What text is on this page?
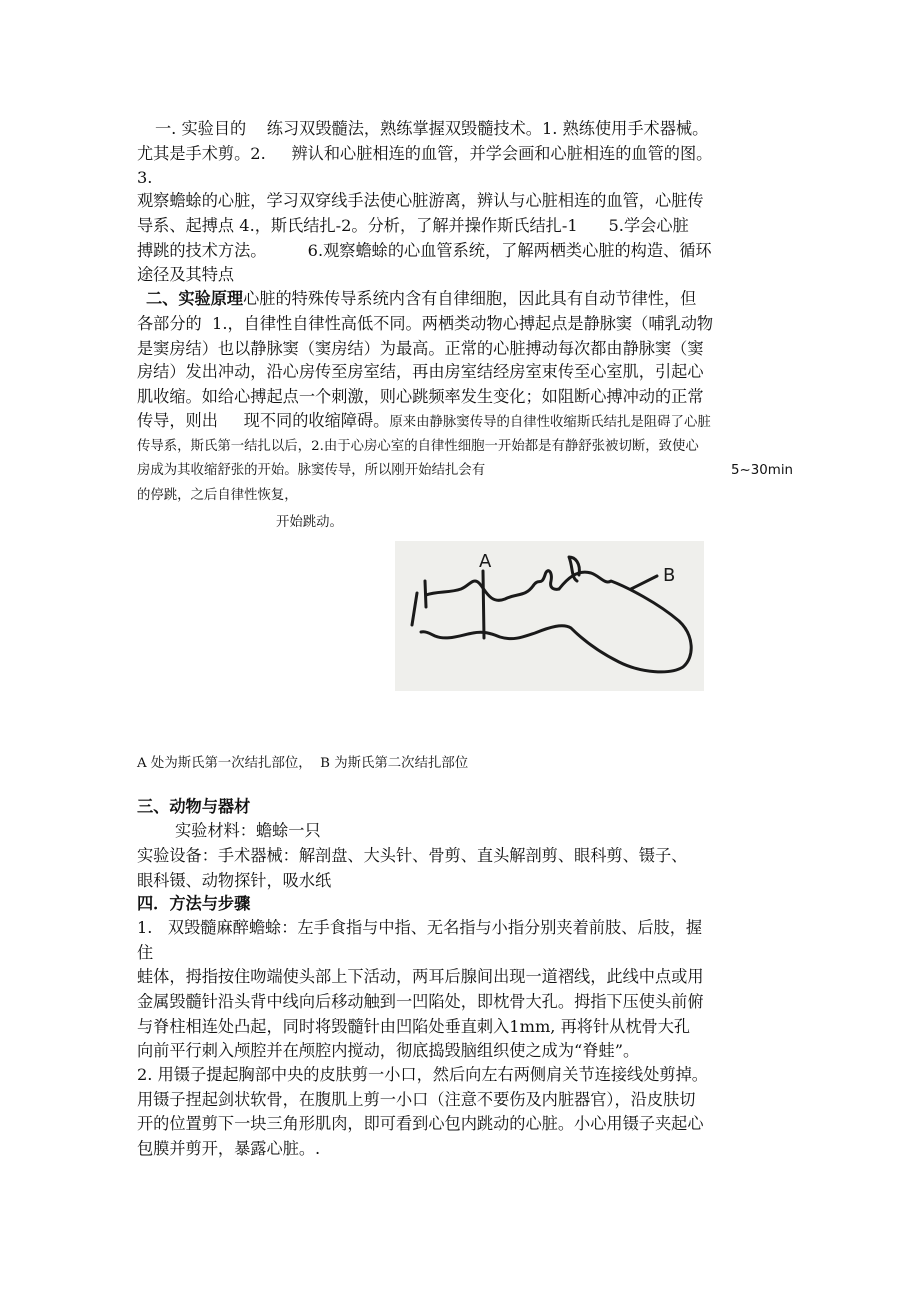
一. 实验目的    练习双毁髓法，熟练掌握双毁髓技术。1. 熟练使用手术器械。
尤其是手术剪。2.     辨认和心脏相连的血管，并学会画和心脏相连的血管的图。
3.
观察蟾蜍的心脏，学习双穿线手法使心脏游离，辨认与心脏相连的血管，心脏传
导系、起搏点 4.，斯氏结扎-2。分析，了解并操作斯氏结扎-1      5.学会心脏
搏跳的技术方法。        6.观察蟾蜍的心血管系统，了解两栖类心脏的构造、循环
途径及其特点
二、实验原理心脏的特殊传导系统内含有自律细胞，因此具有自动节律性，但
各部分的  1.，自律性自律性高低不同。两栖类动物心搏起点是静脉窦（哺乳动物
是窦房结）也以静脉窦（窦房结）为最高。正常的心脏搏动每次都由静脉窦（窦
房结）发出冲动，沿心房传至房室结，再由房室结经房室束传至心室肌，引起心
肌收缩。如给心搏起点一个刺激，则心跳频率发生变化；如阻断心搏冲动的正常
传导，则出     现不同的收缩障碍。原来由静脉窦传导的自律性收缩斯氏结扎是阻碍了心脏
传导系，斯氏第一结扎以后，2.由于心房心室的自律性细胞一开始都是有静舒张被切断，致使心
房成为其收缩舒张的开始。脉窦传导，所以刚开始结扎会有	5~30min
的停跳，之后自律性恢复，
开始跳动。
A
B
A 处为斯氏第一次结扎部位，  B 为斯氏第二次结扎部位
三、动物与器材
实验材料：蟾蜍一只
实验设备：手术器械：解剖盘、大头针、骨剪、直头解剖剪、眼科剪、镊子、
眼科镊、动物探针，吸水纸
四．方法与步骤
1.   双毁髓麻醉蟾蜍：左手食指与中指、无名指与小指分别夹着前肢、后肢，握
住
蛙体，拇指按住吻端使头部上下活动，两耳后腺间出现一道褶线，此线中点或用
金属毁髓针沿头背中线向后移动触到一凹陷处，即枕骨大孔。拇指下压使头前俯
与脊柱相连处凸起，同时将毁髓针由凹陷处垂直刺入1mm, 再将针从枕骨大孔
向前平行刺入颅腔并在颅腔内搅动，彻底捣毁脑组织使之成为“脊蛙”。
2. 用镊子提起胸部中央的皮肤剪一小口，然后向左右两侧肩关节连接线处剪掉。
用镊子捏起剑状软骨，在腹肌上剪一小口（注意不要伤及内脏器官），沿皮肤切
开的位置剪下一块三角形肌肉，即可看到心包内跳动的心脏。小心用镊子夹起心
包膜并剪开，暴露心脏。.
